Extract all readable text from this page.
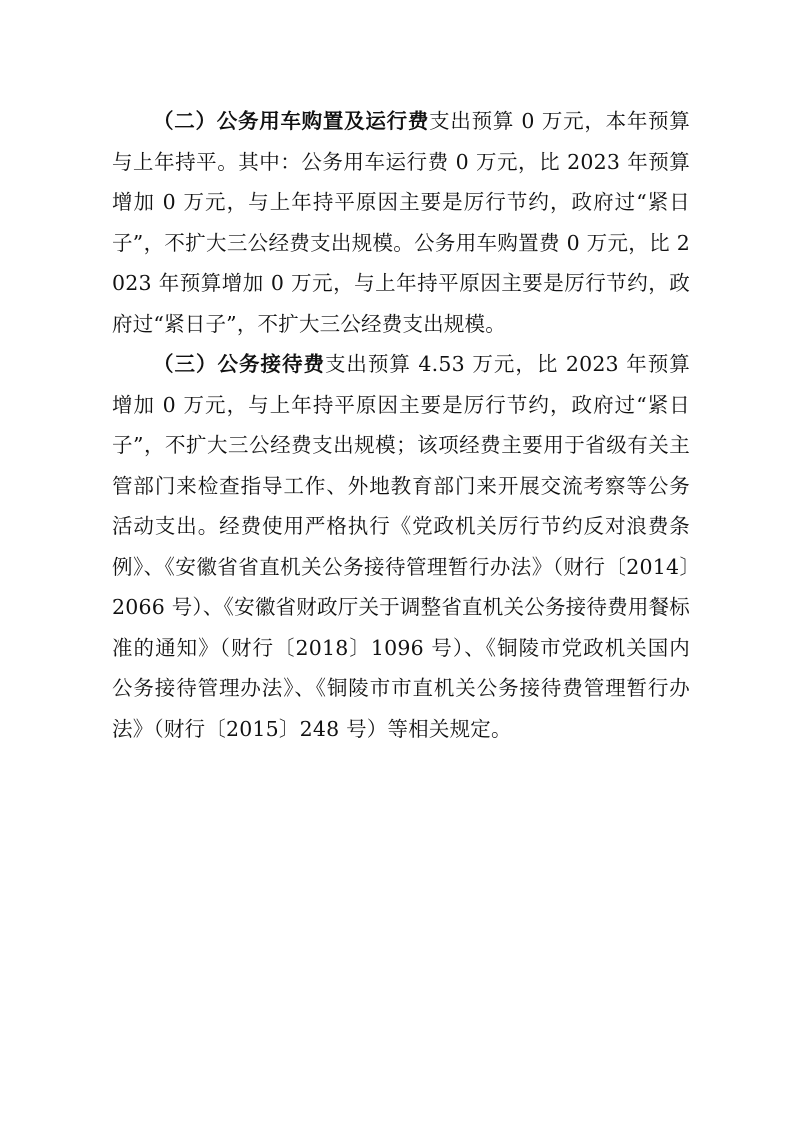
（二）公务用车购置及运行费支出预算 0 万元，本年预算与上年持平。其中：公务用车运行费 0 万元，比 2023 年预算增加 0 万元，与上年持平原因主要是厉行节约，政府过“紧日子”，不扩大三公经费支出规模。公务用车购置费 0 万元，比 2023 年预算增加 0 万元，与上年持平原因主要是厉行节约，政府过“紧日子”，不扩大三公经费支出规模。

（三）公务接待费支出预算 4.53 万元，比 2023 年预算增加 0 万元，与上年持平原因主要是厉行节约，政府过“紧日子”，不扩大三公经费支出规模；该项经费主要用于省级有关主管部门来检查指导工作、外地教育部门来开展交流考察等公务活动支出。经费使用严格执行《党政机关厉行节约反对浪费条例》、《安徽省省直机关公务接待管理暂行办法》（财行〔2014〕2066 号）、《安徽省财政厅关于调整省直机关公务接待费用餐标准的通知》（财行〔2018〕1096 号）、《铜陵市党政机关国内公务接待管理办法》、《铜陵市市直机关公务接待费管理暂行办法》（财行〔2015〕248 号）等相关规定。
